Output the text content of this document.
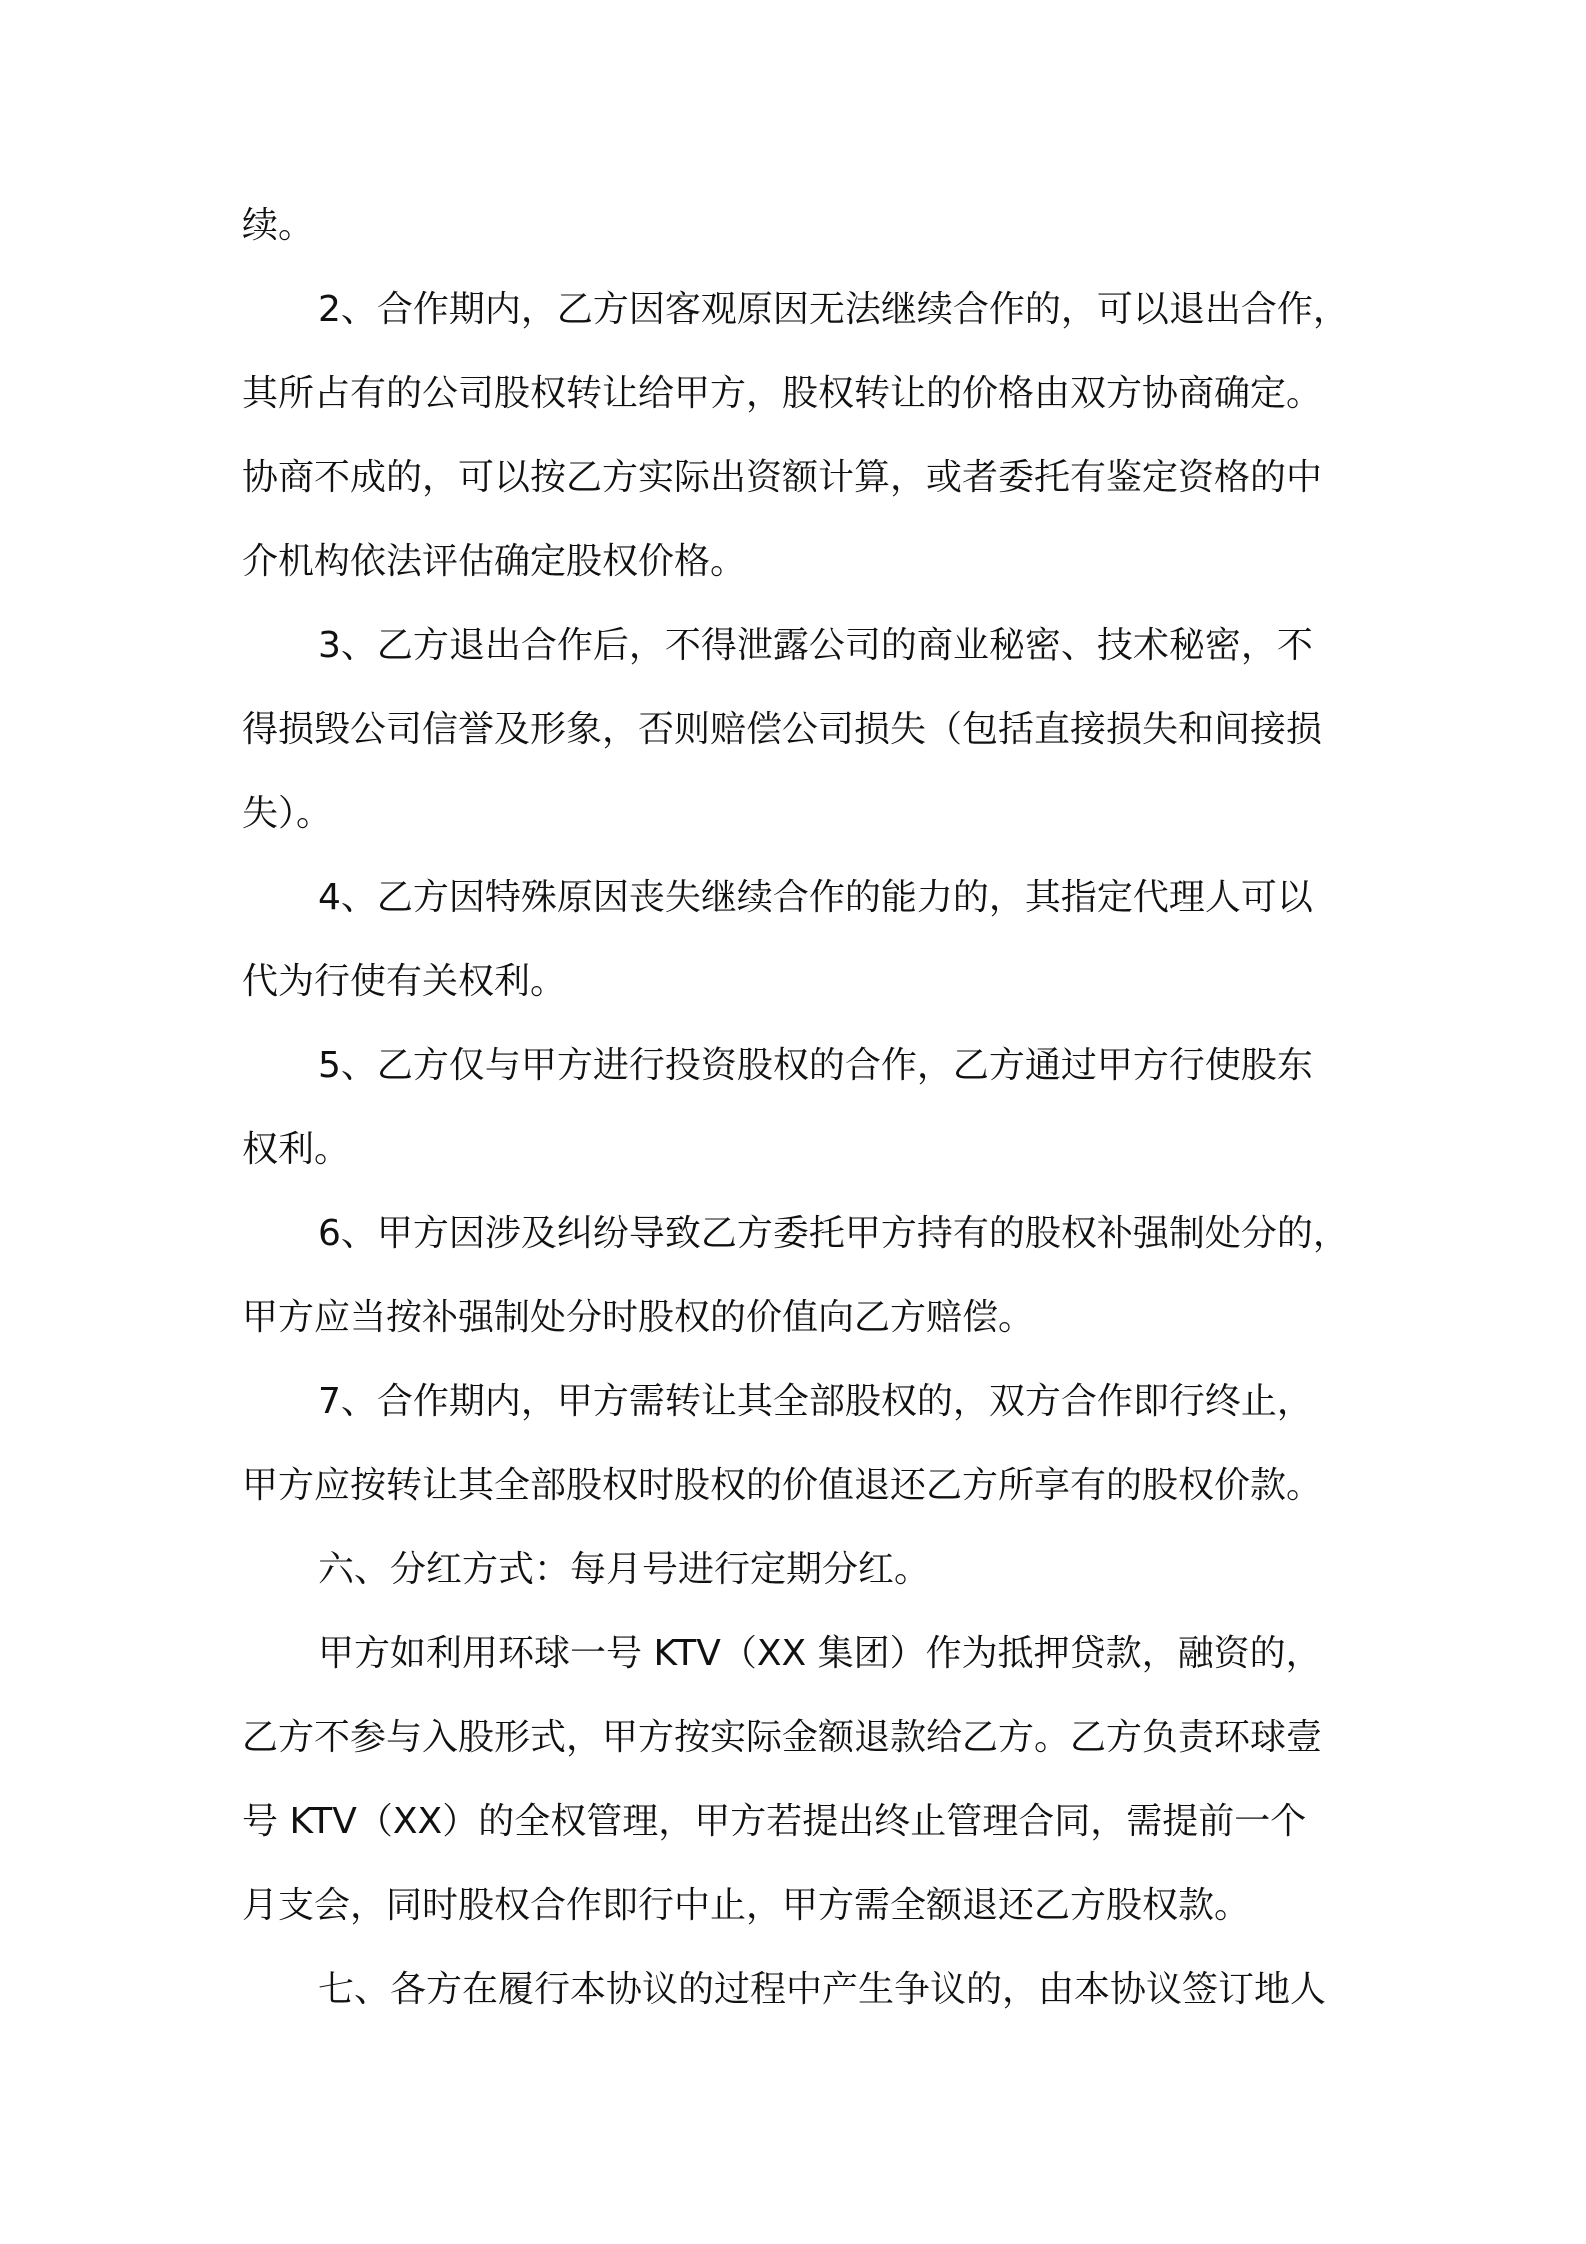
续。
2、合作期内，乙方因客观原因无法继续合作的，可以退出合作，
其所占有的公司股权转让给甲方，股权转让的价格由双方协商确定。
协商不成的，可以按乙方实际出资额计算，或者委托有鉴定资格的中
介机构依法评估确定股权价格。
3、乙方退出合作后，不得泄露公司的商业秘密、技术秘密，不
得损毁公司信誉及形象，否则赔偿公司损失（包括直接损失和间接损
失）。
4、乙方因特殊原因丧失继续合作的能力的，其指定代理人可以
代为行使有关权利。
5、乙方仅与甲方进行投资股权的合作，乙方通过甲方行使股东
权利。
6、甲方因涉及纠纷导致乙方委托甲方持有的股权补强制处分的，
甲方应当按补强制处分时股权的价值向乙方赔偿。
7、合作期内，甲方需转让其全部股权的，双方合作即行终止，
甲方应按转让其全部股权时股权的价值退还乙方所享有的股权价款。
六、分红方式：每月号进行定期分红。
甲方如利用环球一号 KTV（XX 集团）作为抵押贷款，融资的，
乙方不参与入股形式，甲方按实际金额退款给乙方。乙方负责环球壹
号 KTV（XX）的全权管理，甲方若提出终止管理合同，需提前一个
月支会，同时股权合作即行中止，甲方需全额退还乙方股权款。
七、各方在履行本协议的过程中产生争议的，由本协议签订地人
